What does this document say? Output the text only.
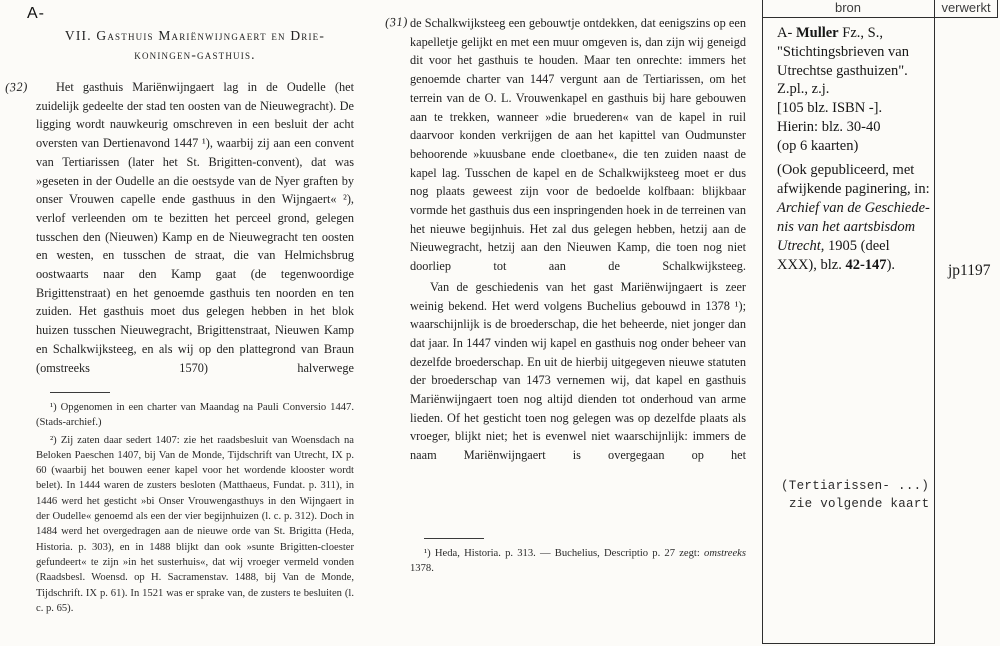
A-
(32)
(31)
VII. Gasthuis Mariënwijngaert en Drie-
koningen-gasthuis.

Het gasthuis Mariënwijngaert lag in de Oudelle (het zuidelijk gedeelte der stad ten oosten van de Nieuwegracht). De ligging wordt nauwkeurig omschreven in een besluit der acht oversten van Dertienavond 1447 ¹), waarbij zij aan een convent van Tertiarissen (later het St. Brigitten-convent), dat was »geseten in der Oudelle an die oestsyde van de Nyer graften by onser Vrouwen capelle ende gasthuus in den Wijngaert« ²), verlof verleenden om te bezitten het perceel grond, gelegen tusschen den (Nieuwen) Kamp en de Nieuwegracht ten oosten en westen, en tusschen de straat, die van Helmichsbrug oostwaarts naar den Kamp gaat (de tegenwoordige Brigittenstraat) en het genoemde gasthuis ten noorden en ten zuiden. Het gasthuis moet dus gelegen hebben in het blok huizen tusschen Nieuwegracht, Brigittenstraat, Nieuwen Kamp en Schalkwijksteeg, en als wij op den plattegrond van Braun (omstreeks 1570) halverwege

¹) Opgenomen in een charter van Maandag na Pauli Conversio 1447. (Stads-archief.)

²) Zij zaten daar sedert 1407: zie het raadsbesluit van Woensdach na Beloken Paeschen 1407, bij Van de Monde, Tijdschrift van Utrecht, IX p. 60 (waarbij het bouwen eener kapel voor het wordende klooster wordt belet). In 1444 waren de zusters besloten (Matthaeus, Fundat. p. 311), in 1446 werd het gesticht »bi Onser Vrouwengasthuys in den Wijngaert in der Oudelle« genoemd als een der vier begijnhuizen (l. c. p. 312). Doch in 1484 werd het overgedragen aan de nieuwe orde van St. Brigitta (Heda, Historia. p. 303), en in 1488 blijkt dan ook »sunte Brigitten-cloester gefundeert« te zijn »in het susterhuis«, dat wij vroeger vermeld vonden (Raadsbesl. Woensd. op H. Sacramenstav. 1488, bij Van de Monde, Tijdschrift. IX p. 61). In 1521 was er sprake van, de zusters te besluiten (l. c. p. 65).

de Schalkwijksteeg een gebouwtje ontdekken, dat eenigszins op een kapelletje gelijkt en met een muur omgeven is, dan zijn wij geneigd dit voor het gasthuis te houden. Maar ten onrechte: immers het genoemde charter van 1447 vergunt aan de Tertiarissen, om het terrein van de O. L. Vrouwenkapel en gasthuis bij hare gebouwen aan te trekken, wanneer »die bruederen« van de kapel in ruil daarvoor konden verkrijgen de aan het kapittel van Oudmunster behoorende »kuusbane ende cloetbane«, die ten zuiden naast de kapel lag. Tusschen de kapel en de Schalkwijksteeg moet er dus nog plaats geweest zijn voor de bedoelde kolfbaan: blijkbaar vormde het gasthuis dus een inspringenden hoek in de terreinen van het nieuwe begijnhuis. Het zal dus gelegen hebben, hetzij aan de Nieuwegracht, hetzij aan den Nieuwen Kamp, die toen nog niet doorliep tot aan de Schalkwijksteeg.

Van de geschiedenis van het gast Mariënwijngaert is zeer weinig bekend. Het werd volgens Buchelius gebouwd in 1378 ¹); waarschijnlijk is de broederschap, die het beheerde, niet jonger dan dat jaar. In 1447 vinden wij kapel en gasthuis nog onder beheer van dezelfde broederschap. En uit de hierbij uitgegeven nieuwe statuten der broederschap van 1473 vernemen wij, dat kapel en gasthuis Mariënwijngaert toen nog altijd dienden tot onderhoud van arme lieden. Of het gesticht toen nog gelegen was op dezelfde plaats als vroeger, blijkt niet; het is evenwel niet waarschijnlijk: immers de naam Mariënwijngaert is overgegaan op het

¹) Heda, Historia. p. 313. — Buchelius, Descriptio p. 27 zegt: omstreeks 1378.

bron	verwerkt
A- Muller Fz., S.,
"Stichtingsbrieven van
Utrechtse gasthuizen".
Z.pl., z.j.
[105 blz. ISBN -].
Hierin: blz. 30-40
(op 6 kaarten)
(Ook gepubliceerd, met
afwijkende paginering, in:
Archief van de Geschiede-
nis van het aartsbisdom
Utrecht, 1905 (deel
XXX), blz. 42-147).	jp1197
(Tertiarissen- ...)
zie volgende kaart
